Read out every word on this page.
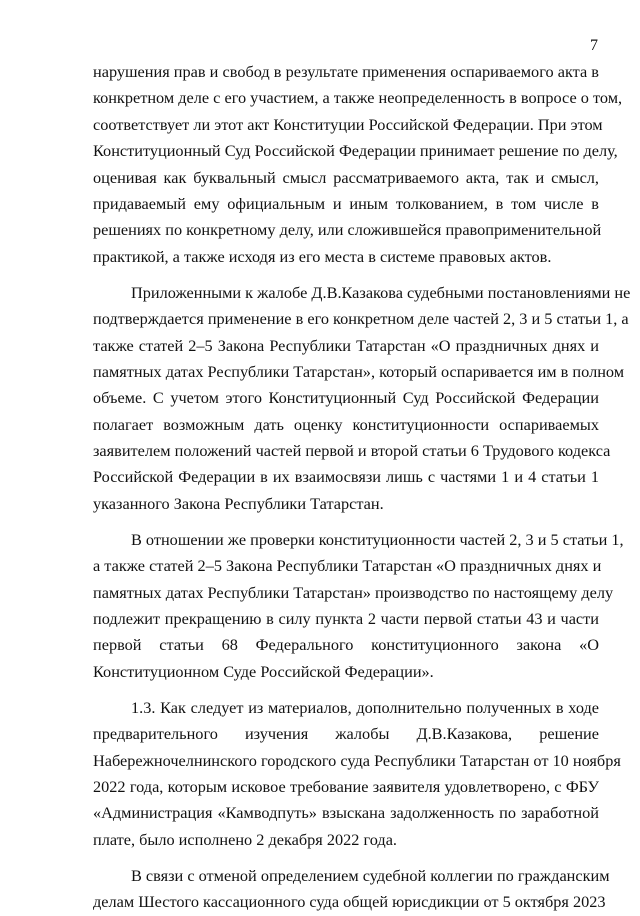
7
нарушения прав и свобод в результате применения оспариваемого акта в
конкретном деле с его участием, а также неопределенность в вопросе о том,
соответствует ли этот акт Конституции Российской Федерации. При этом
Конституционный Суд Российской Федерации принимает решение по делу,
оценивая как буквальный смысл рассматриваемого акта, так и смысл,
придаваемый ему официальным и иным толкованием, в том числе в
решениях по конкретному делу, или сложившейся правоприменительной
практикой, а также исходя из его места в системе правовых актов.
Приложенными к жалобе Д.В.Казакова судебными постановлениями не
подтверждается применение в его конкретном деле частей 2, 3 и 5 статьи 1, а
также статей 2–5 Закона Республики Татарстан «О праздничных днях и
памятных датах Республики Татарстан», который оспаривается им в полном
объеме. С учетом этого Конституционный Суд Российской Федерации
полагает возможным дать оценку конституционности оспариваемых
заявителем положений частей первой и второй статьи 6 Трудового кодекса
Российской Федерации в их взаимосвязи лишь с частями 1 и 4 статьи 1
указанного Закона Республики Татарстан.
В отношении же проверки конституционности частей 2, 3 и 5 статьи 1,
а также статей 2–5 Закона Республики Татарстан «О праздничных днях и
памятных датах Республики Татарстан» производство по настоящему делу
подлежит прекращению в силу пункта 2 части первой статьи 43 и части
первой статьи 68 Федерального конституционного закона «О
Конституционном Суде Российской Федерации».
1.3. Как следует из материалов, дополнительно полученных в ходе
предварительного изучения жалобы Д.В.Казакова, решение
Набережночелнинского городского суда Республики Татарстан от 10 ноября
2022 года, которым исковое требование заявителя удовлетворено, с ФБУ
«Администрация «Камводпуть» взыскана задолженность по заработной
плате, было исполнено 2 декабря 2022 года.
В связи с отменой определением судебной коллегии по гражданским
делам Шестого кассационного суда общей юрисдикции от 5 октября 2023
